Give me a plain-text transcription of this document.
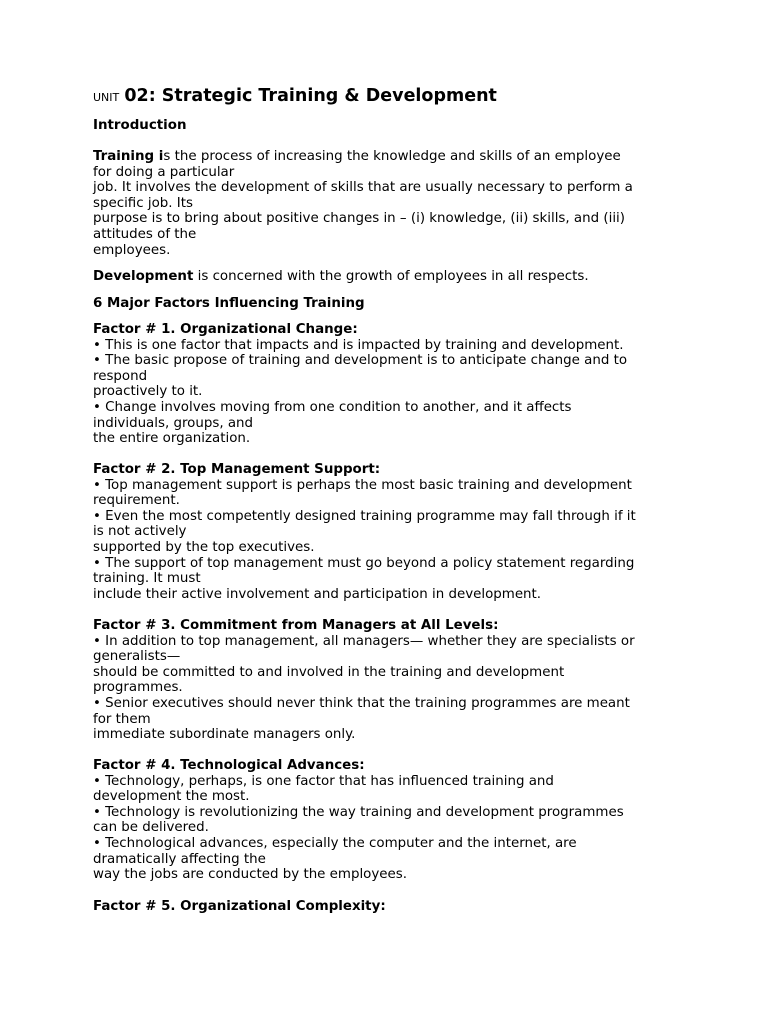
UNIT 02: Strategic Training & Development
Introduction
Training is the process of increasing the knowledge and skills of an employee
for doing a particular
job. It involves the development of skills that are usually necessary to perform a
specific job. Its
purpose is to bring about positive changes in – (i) knowledge, (ii) skills, and (iii)
attitudes of the
employees.
Development is concerned with the growth of employees in all respects.
6 Major Factors Influencing Training
Factor # 1. Organizational Change:
• This is one factor that impacts and is impacted by training and development.
• The basic propose of training and development is to anticipate change and to
respond
proactively to it.
• Change involves moving from one condition to another, and it affects
individuals, groups, and
the entire organization.
Factor # 2. Top Management Support:
• Top management support is perhaps the most basic training and development
requirement.
• Even the most competently designed training programme may fall through if it
is not actively
supported by the top executives.
• The support of top management must go beyond a policy statement regarding
training. It must
include their active involvement and participation in development.
Factor # 3. Commitment from Managers at All Levels:
• In addition to top management, all managers— whether they are specialists or
generalists—
should be committed to and involved in the training and development
programmes.
• Senior executives should never think that the training programmes are meant
for them
immediate subordinate managers only.
Factor # 4. Technological Advances:
• Technology, perhaps, is one factor that has influenced training and
development the most.
• Technology is revolutionizing the way training and development programmes
can be delivered.
• Technological advances, especially the computer and the internet, are
dramatically affecting the
way the jobs are conducted by the employees.
Factor # 5. Organizational Complexity:
